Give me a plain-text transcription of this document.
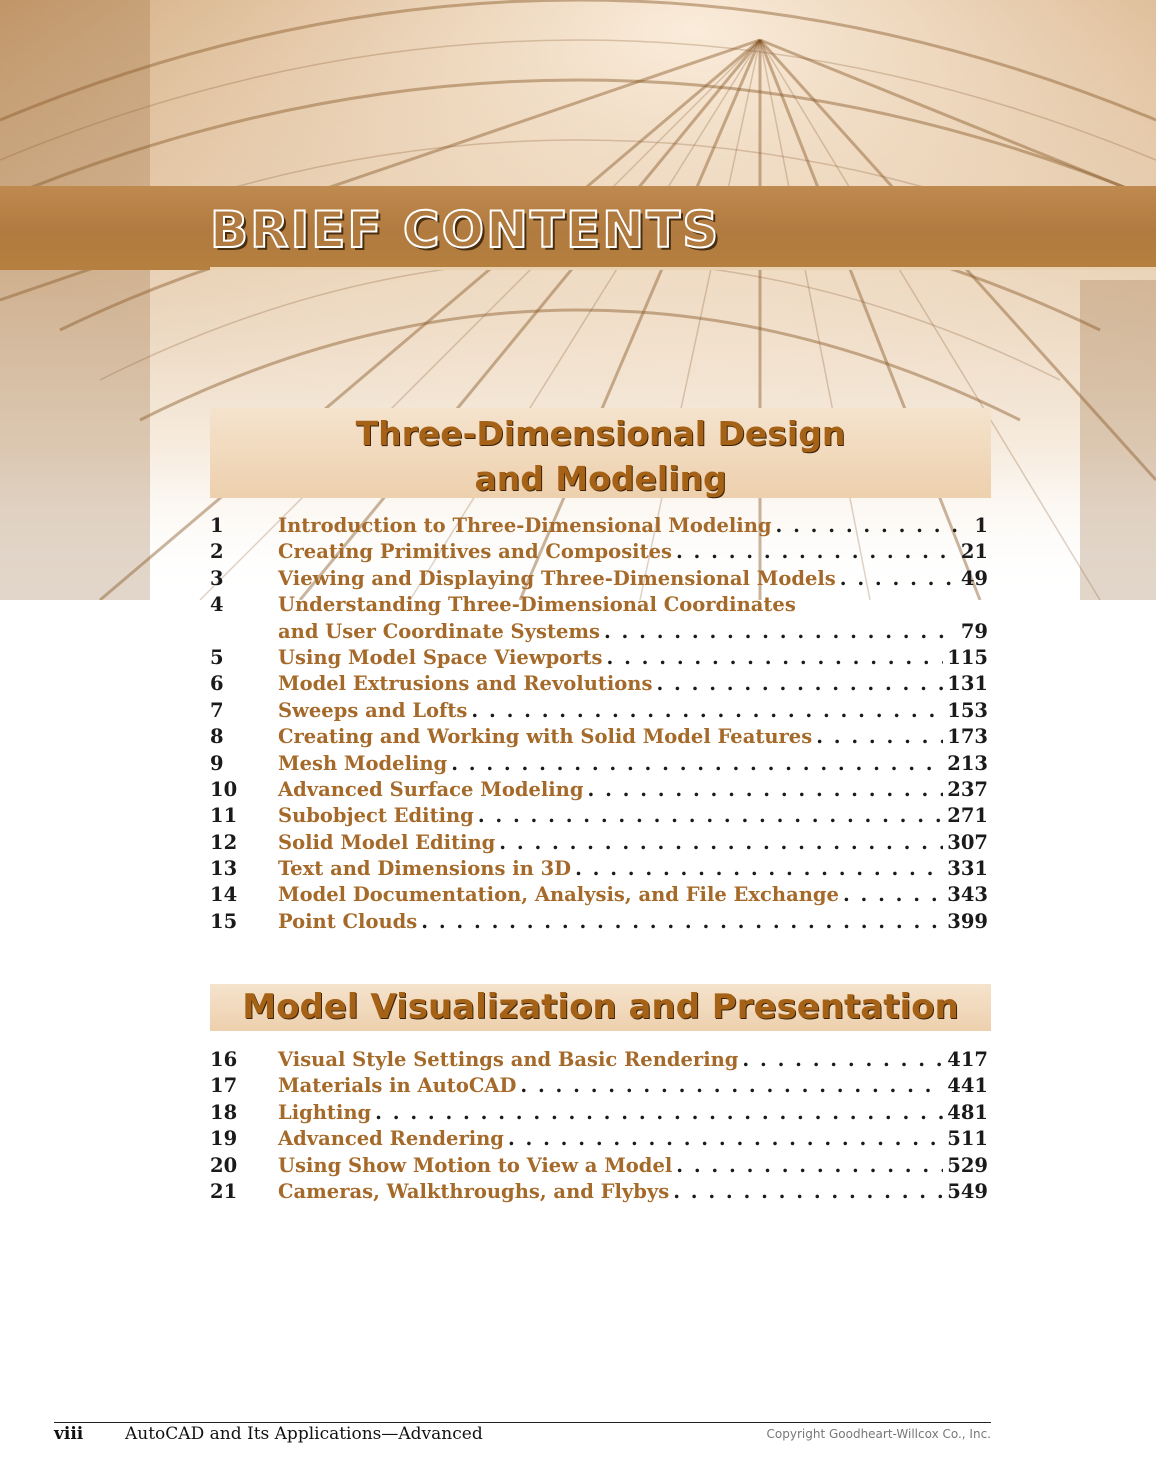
BRIEF CONTENTS
Three-Dimensional Design
and Modeling
1	Introduction to Three-Dimensional Modeling . . .	1
2	Creating Primitives and Composites . . .	21
3	Viewing and Displaying Three-Dimensional Models . . .	49
4	Understanding Three-Dimensional Coordinates
and User Coordinate Systems . . .	79
5	Using Model Space Viewports . . .	115
6	Model Extrusions and Revolutions . . .	131
7	Sweeps and Lofts . . .	153
8	Creating and Working with Solid Model Features . . .	173
9	Mesh Modeling . . .	213
10	Advanced Surface Modeling . . .	237
11	Subobject Editing . . .	271
12	Solid Model Editing . . .	307
13	Text and Dimensions in 3D . . .	331
14	Model Documentation, Analysis, and File Exchange . . .	343
15	Point Clouds . . .	399
Model Visualization and Presentation
16	Visual Style Settings and Basic Rendering . . .	417
17	Materials in AutoCAD . . .	441
18	Lighting . . .	481
19	Advanced Rendering . . .	511
20	Using Show Motion to View a Model . . .	529
21	Cameras, Walkthroughs, and Flybys . . .	549
viii AutoCAD and Its Applications—Advanced	Copyright Goodheart-Willcox Co., Inc.
